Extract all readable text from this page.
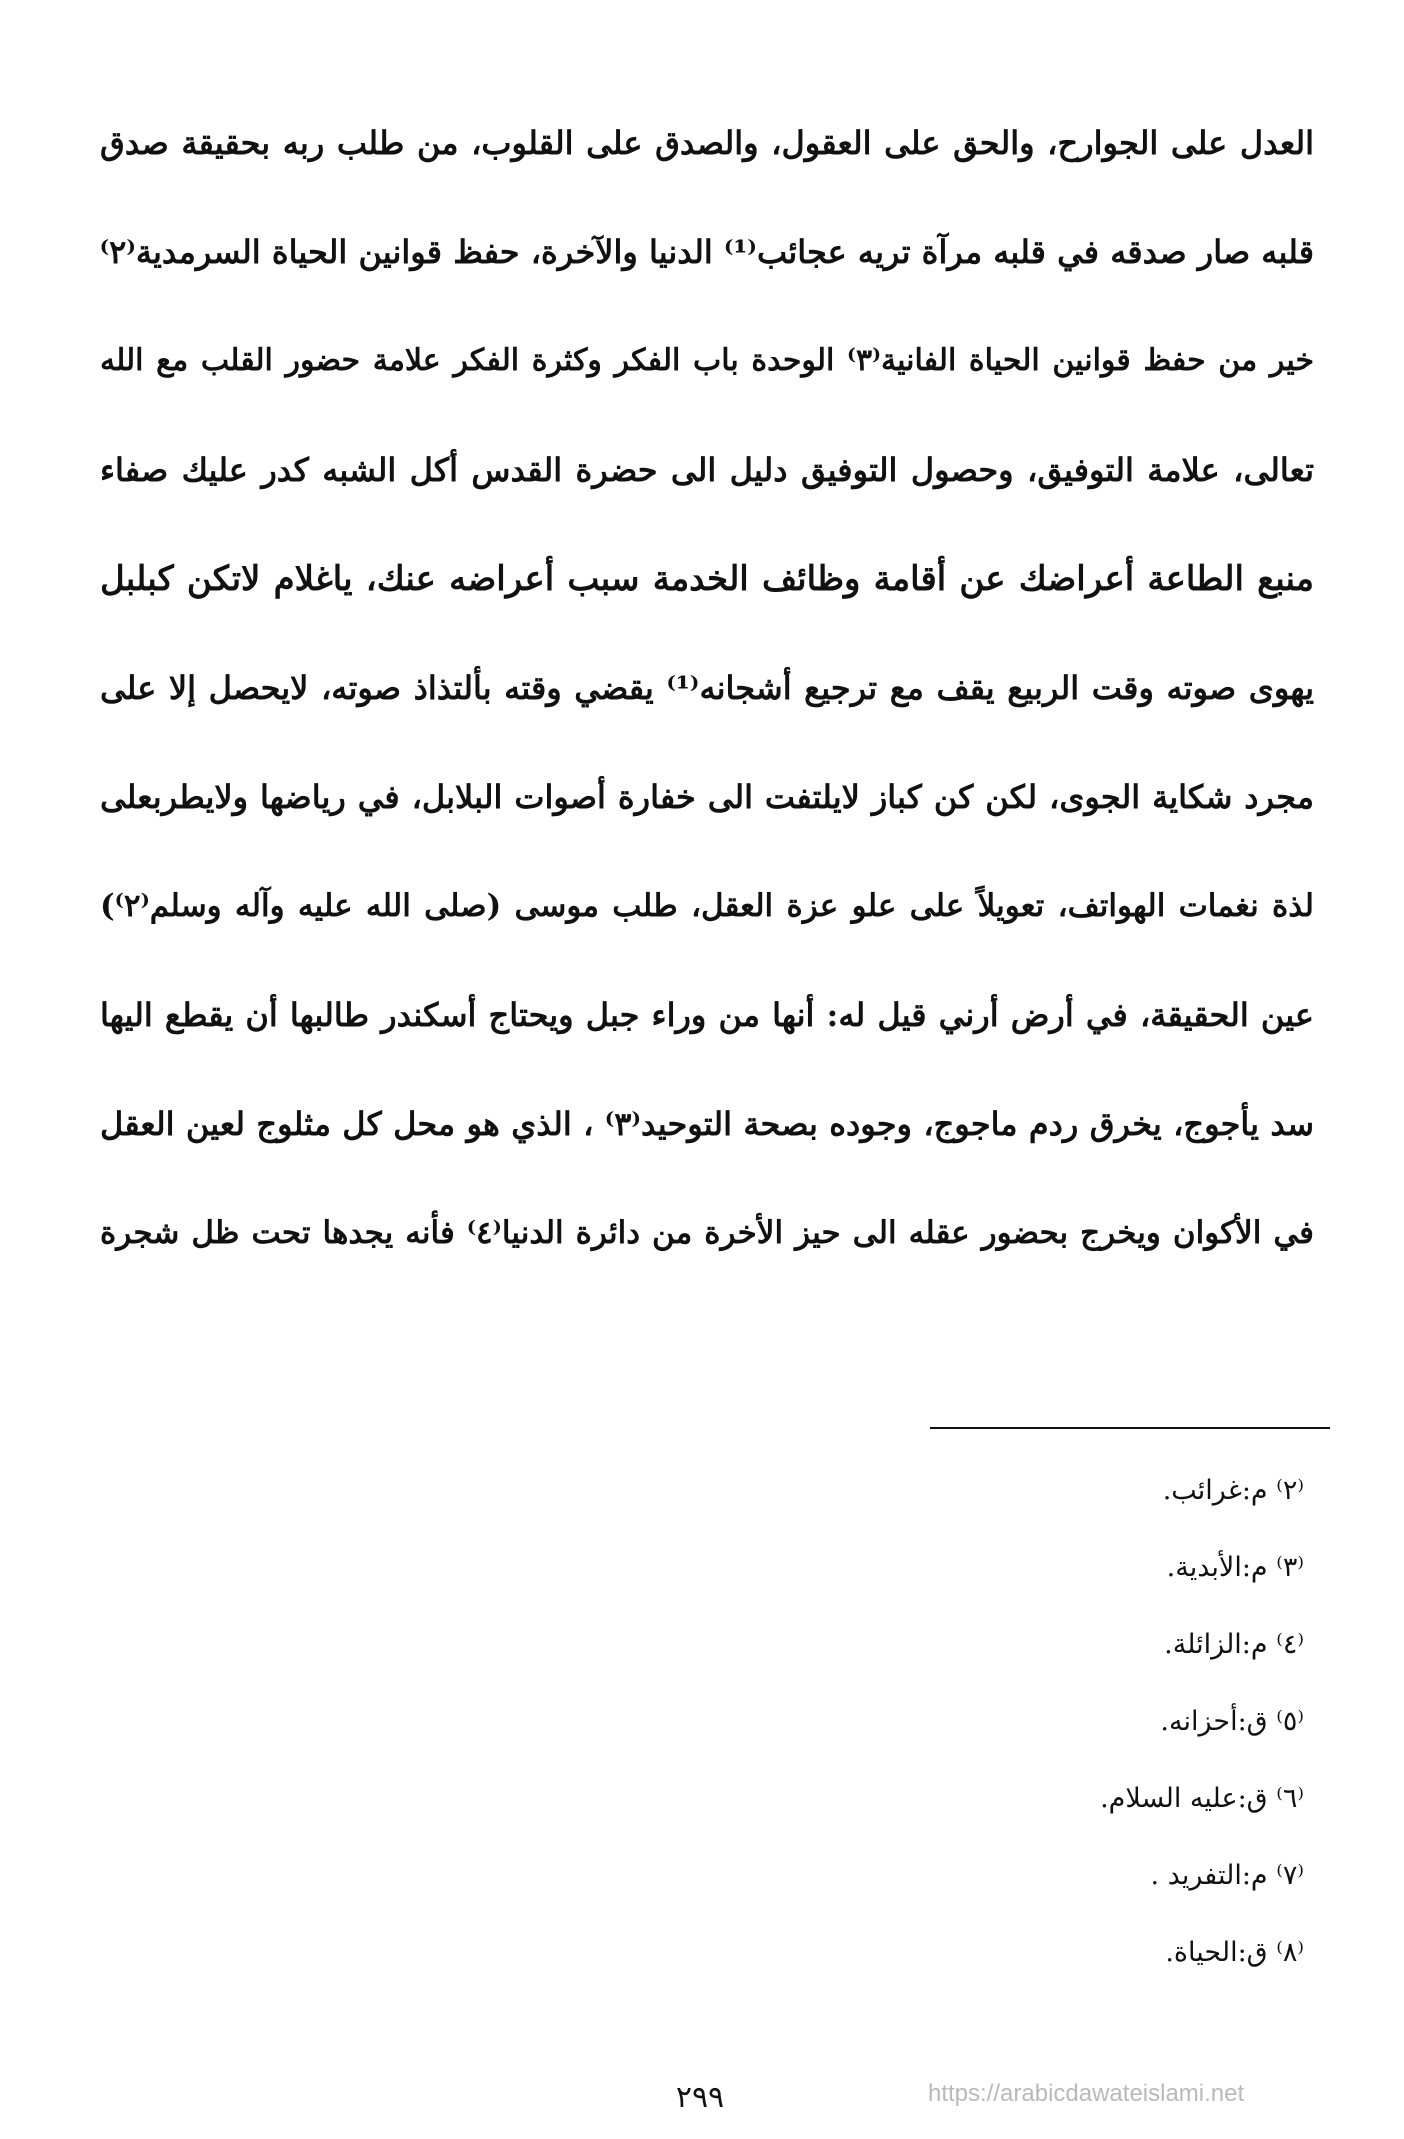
العدل على الجوارح، والحق على العقول، والصدق على القلوب، من طلب ربه بحقيقة صدق
قلبه صار صدقه في قلبه مرآة تريه عجائب⁽¹⁾ الدنيا والآخرة، حفظ قوانين الحياة السرمدية⁽٢⁾
خير من حفظ قوانين الحياة الفانية⁽٣⁾ الوحدة باب الفكر وكثرة الفكر علامة حضور القلب مع الله
تعالى، علامة التوفيق، وحصول التوفيق دليل الى حضرة القدس أكل الشبه كدر عليك صفاء
منبع الطاعة أعراضك عن أقامة وظائف الخدمة سبب أعراضه عنك، ياغلام لاتكن كبلبل
يهوى صوته وقت الربيع يقف مع ترجيع أشجانه⁽¹⁾ يقضي وقته بألتذاذ صوته، لايحصل إلا على
مجرد شكاية الجوى، لكن كن كباز لايلتفت الى خفارة أصوات البلابل، في رياضها ولايطربعلى
لذة نغمات الهواتف، تعويلاً على علو عزة العقل، طلب موسى (صلى الله عليه وآله وسلم⁽٢⁾)
عين الحقيقة، في أرض أرني قيل له: أنها من وراء جبل ويحتاج أسكندر طالبها أن يقطع اليها
سد يأجوج، يخرق ردم ماجوج، وجوده بصحة التوحيد⁽٣⁾ ، الذي هو محل كل مثلوج لعين العقل
في الأكوان ويخرج بحضور عقله الى حيز الأخرة من دائرة الدنيا⁽٤⁾ فأنه يجدها تحت ظل شجرة
⁽٢⁾ م:غرائب.
⁽٣⁾ م:الأبدية.
⁽٤⁾ م:الزائلة.
⁽٥⁾ ق:أحزانه.
⁽٦⁾ ق:عليه السلام.
⁽٧⁾ م:التفريد .
⁽٨⁾ ق:الحياة.
٢٩٩	https://arabicdawateislami.net
